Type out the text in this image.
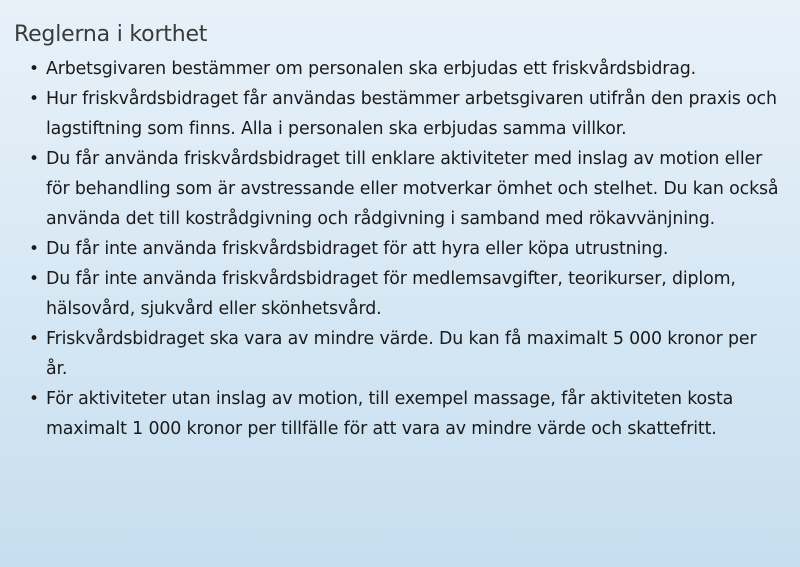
Reglerna i korthet
• Arbetsgivaren bestämmer om personalen ska erbjudas ett friskvårdsbidrag.
• Hur friskvårdsbidraget får användas bestämmer arbetsgivaren utifrån den praxis och lagstiftning som finns. Alla i personalen ska erbjudas samma villkor.
• Du får använda friskvårdsbidraget till enklare aktiviteter med inslag av motion eller för behandling som är avstressande eller motverkar ömhet och stelhet. Du kan också använda det till kostrådgivning och rådgivning i samband med rökavvänjning.
• Du får inte använda friskvårdsbidraget för att hyra eller köpa utrustning.
• Du får inte använda friskvårdsbidraget för medlemsavgifter, teorikurser, diplom, hälsovård, sjukvård eller skönhetsvård.
• Friskvårdsbidraget ska vara av mindre värde. Du kan få maximalt 5 000 kronor per år.
• För aktiviteter utan inslag av motion, till exempel massage, får aktiviteten kosta maximalt 1 000 kronor per tillfälle för att vara av mindre värde och skattefritt.
